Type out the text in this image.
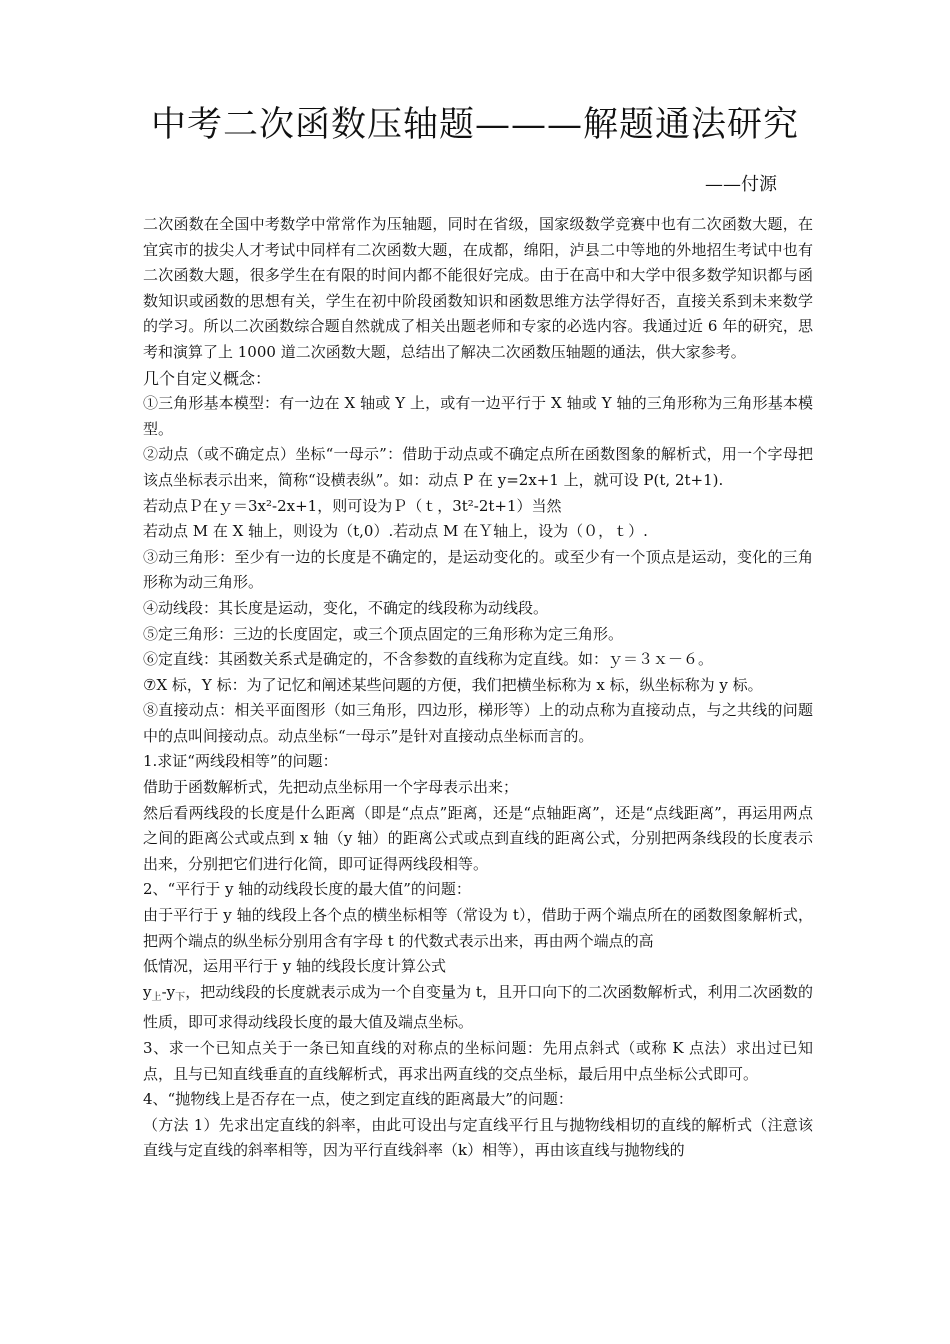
中考二次函数压轴题———解题通法研究
——付源

二次函数在全国中考数学中常常作为压轴题，同时在省级，国家级数学竞赛中也有二次函数大题，在宜宾市的拔尖人才考试中同样有二次函数大题，在成都，绵阳，泸县二中等地的外地招生考试中也有二次函数大题，很多学生在有限的时间内都不能很好完成。由于在高中和大学中很多数学知识都与函数知识或函数的思想有关，学生在初中阶段函数知识和函数思维方法学得好否，直接关系到未来数学的学习。所以二次函数综合题自然就成了相关出题老师和专家的必选内容。我通过近 6 年的研究，思考和演算了上 1000 道二次函数大题，总结出了解决二次函数压轴题的通法，供大家参考。

几个自定义概念：

①三角形基本模型：有一边在 X 轴或 Y 上，或有一边平行于 X 轴或 Y 轴的三角形称为三角形基本模型。

②动点（或不确定点）坐标“一母示”：借助于动点或不确定点所在函数图象的解析式，用一个字母把该点坐标表示出来，简称“设横表纵”。如：动点 P 在 y=2x+1 上，就可设 P(t, 2t+1).

若动点Ｐ在ｙ＝3x²‐2x+1，则可设为Ｐ（ｔ，3t²‐2t+1）当然

若动点 M 在 X 轴上，则设为（t,0）.若动点 M 在Ｙ轴上，设为（０，ｔ）.

③动三角形：至少有一边的长度是不确定的，是运动变化的。或至少有一个顶点是运动，变化的三角形称为动三角形。

④动线段：其长度是运动，变化，不确定的线段称为动线段。

⑤定三角形：三边的长度固定，或三个顶点固定的三角形称为定三角形。

⑥定直线：其函数关系式是确定的，不含参数的直线称为定直线。如：ｙ＝３ｘ－６。

⑦X 标，Y 标：为了记忆和阐述某些问题的方便，我们把横坐标称为 x 标，纵坐标称为 y 标。

⑧直接动点：相关平面图形（如三角形，四边形，梯形等）上的动点称为直接动点，与之共线的问题中的点叫间接动点。动点坐标“一母示”是针对直接动点坐标而言的。

1.求证“两线段相等”的问题：

借助于函数解析式，先把动点坐标用一个字母表示出来；

然后看两线段的长度是什么距离（即是“点点”距离，还是“点轴距离”，还是“点线距离”，再运用两点之间的距离公式或点到 x 轴（y 轴）的距离公式或点到直线的距离公式，分别把两条线段的长度表示出来，分别把它们进行化简，即可证得两线段相等。

2、“平行于 y 轴的动线段长度的最大值”的问题：

由于平行于 y 轴的线段上各个点的横坐标相等（常设为 t），借助于两个端点所在的函数图象解析式，把两个端点的纵坐标分别用含有字母 t 的代数式表示出来，再由两个端点的高

低情况，运用平行于 y 轴的线段长度计算公式

$y_上-y_下$，把动线段的长度就表示成为一个自变量为 t，且开口向下的二次函数解析式，利用二次函数的性质，即可求得动线段长度的最大值及端点坐标。

3、求一个已知点关于一条已知直线的对称点的坐标问题：先用点斜式（或称 K 点法）求出过已知点，且与已知直线垂直的直线解析式，再求出两直线的交点坐标，最后用中点坐标公式即可。

4、“抛物线上是否存在一点，使之到定直线的距离最大”的问题：

（方法 1）先求出定直线的斜率，由此可设出与定直线平行且与抛物线相切的直线的解析式（注意该直线与定直线的斜率相等，因为平行直线斜率（k）相等），再由该直线与抛物线的
